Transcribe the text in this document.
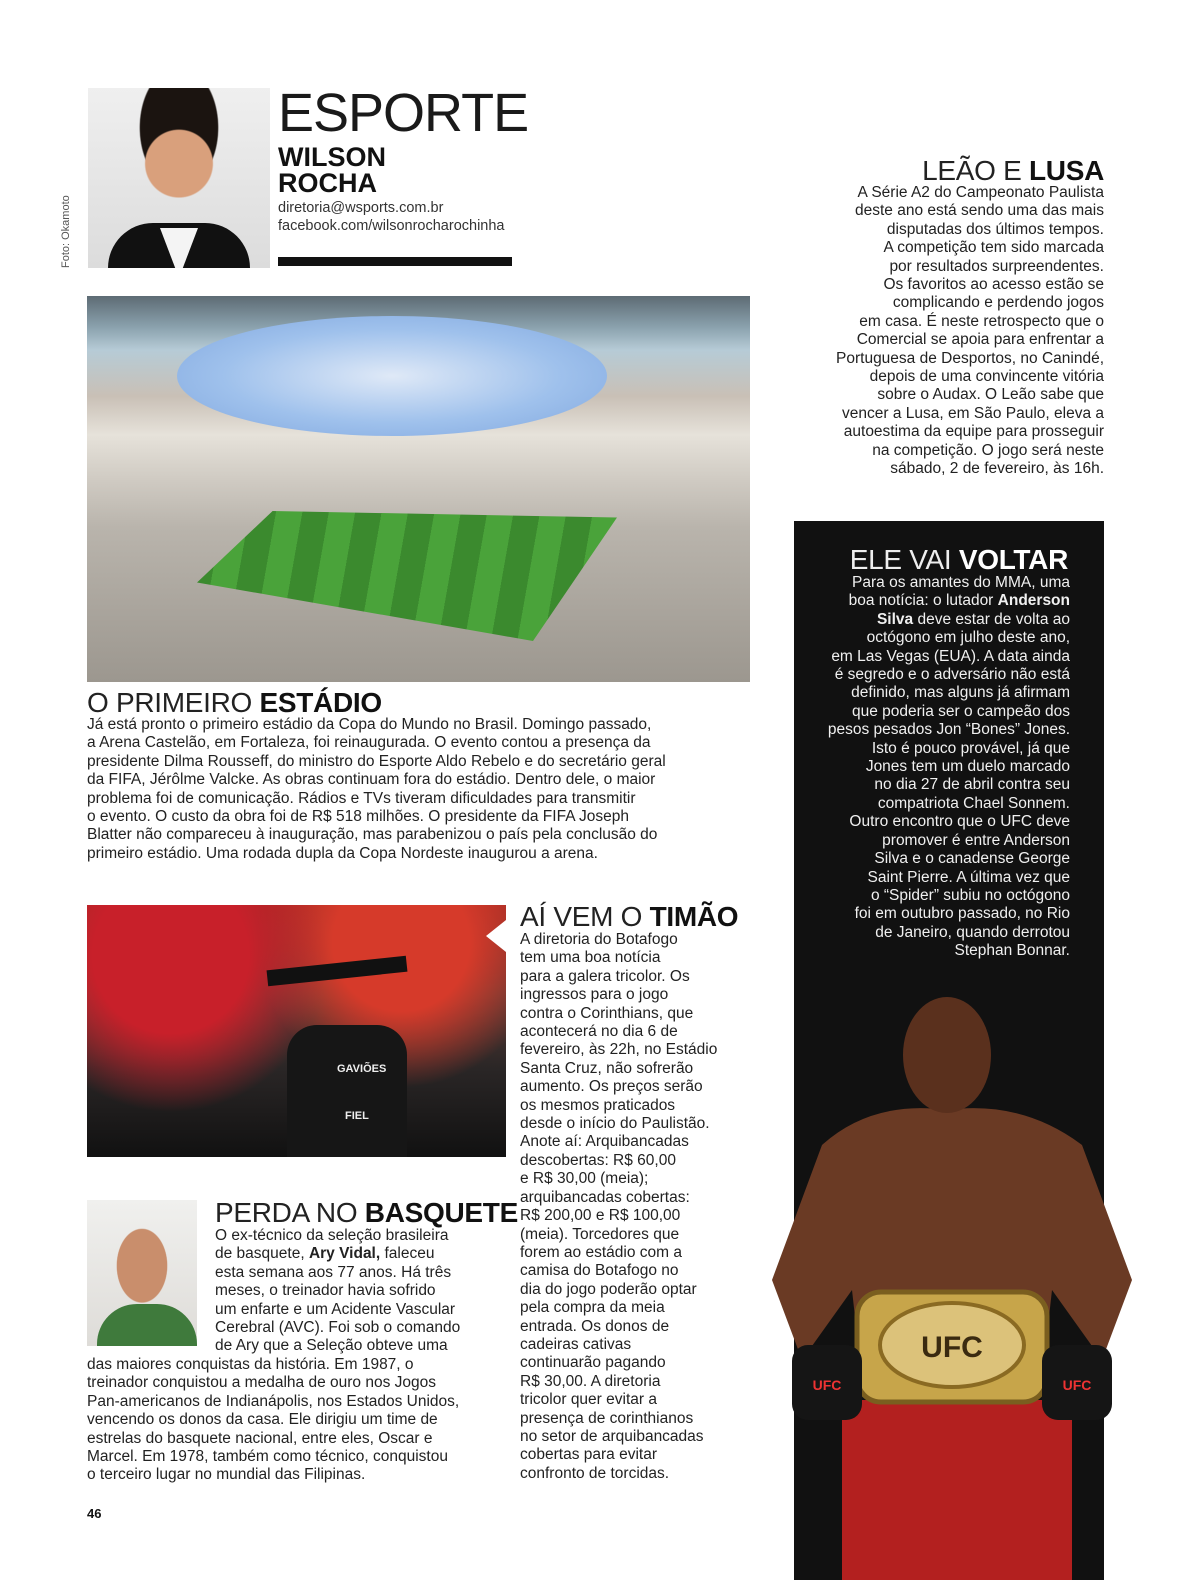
Foto: Okamoto
ESPORTE
WILSON
ROCHA
diretoria@wsports.com.br
facebook.com/wilsonrocharochinha
LEÃO E LUSA
A Série A2 do Campeonato Paulista
deste ano está sendo uma das mais
disputadas dos últimos tempos.
A competição tem sido marcada
por resultados surpreendentes.
Os favoritos ao acesso estão se
complicando e perdendo jogos
em casa. É neste retrospecto que o
Comercial se apoia para enfrentar a
Portuguesa de Desportos, no Canindé,
depois de uma convincente vitória
sobre o Audax. O Leão sabe que
vencer a Lusa, em São Paulo, eleva a
autoestima da equipe para prosseguir
na competição. O jogo será neste
sábado, 2 de fevereiro, às 16h.
O PRIMEIRO ESTÁDIO
Já está pronto o primeiro estádio da Copa do Mundo no Brasil. Domingo passado,
a Arena Castelão, em Fortaleza, foi reinaugurada. O evento contou a presença da
presidente Dilma Rousseff, do ministro do Esporte Aldo Rebelo e do secretário geral
da FIFA, Jérôlme Valcke. As obras continuam fora do estádio. Dentro dele, o maior
problema foi de comunicação. Rádios e TVs tiveram dificuldades para transmitir
o evento. O custo da obra foi de R$ 518 milhões. O presidente da FIFA Joseph
Blatter não compareceu à inauguração, mas parabenizou o país pela conclusão do
primeiro estádio. Uma rodada dupla da Copa Nordeste inaugurou a arena.
GAVIÕES
FIEL
AÍ VEM O TIMÃO
A diretoria do Botafogo
tem uma boa notícia
para a galera tricolor. Os
ingressos para o jogo
contra o Corinthians, que
acontecerá no dia 6 de
fevereiro, às 22h, no Estádio
Santa Cruz, não sofrerão
aumento. Os preços serão
os mesmos praticados
desde o início do Paulistão.
Anote aí: Arquibancadas
descobertas: R$ 60,00
e R$ 30,00 (meia);
arquibancadas cobertas:
R$ 200,00 e R$ 100,00
(meia). Torcedores que
forem ao estádio com a
camisa do Botafogo no
dia do jogo poderão optar
pela compra da meia
entrada. Os donos de
cadeiras cativas
continuarão pagando
R$ 30,00. A diretoria
tricolor quer evitar a
presença de corinthianos
no setor de arquibancadas
cobertas para evitar
confronto de torcidas.
PERDA NO BASQUETE
O ex-técnico da seleção brasileira
de basquete, Ary Vidal, faleceu
esta semana aos 77 anos. Há três
meses, o treinador havia sofrido
um enfarte e um Acidente Vascular
Cerebral (AVC). Foi sob o comando
de Ary que a Seleção obteve uma
das maiores conquistas da história. Em 1987, o
treinador conquistou a medalha de ouro nos Jogos
Pan-americanos de Indianápolis, nos Estados Unidos,
vencendo os donos da casa. Ele dirigiu um time de
estrelas do basquete nacional, entre eles, Oscar e
Marcel. Em 1978, também como técnico, conquistou
o terceiro lugar no mundial das Filipinas.
ELE VAI VOLTAR
Para os amantes do MMA, uma
boa notícia: o lutador Anderson
Silva deve estar de volta ao
octógono em julho deste ano,
em Las Vegas (EUA). A data ainda
é segredo e o adversário não está
definido, mas alguns já afirmam
que poderia ser o campeão dos
pesos pesados Jon “Bones” Jones.
Isto é pouco provável, já que
Jones tem um duelo marcado
no dia 27 de abril contra seu
compatriota Chael Sonnem.
Outro encontro que o UFC deve
promover é entre Anderson
Silva e o canadense George
Saint Pierre. A última vez que
o “Spider” subiu no octógono
foi em outubro passado, no Rio
de Janeiro, quando derrotou
Stephan Bonnar.
UFC
UFC	UFC
46
